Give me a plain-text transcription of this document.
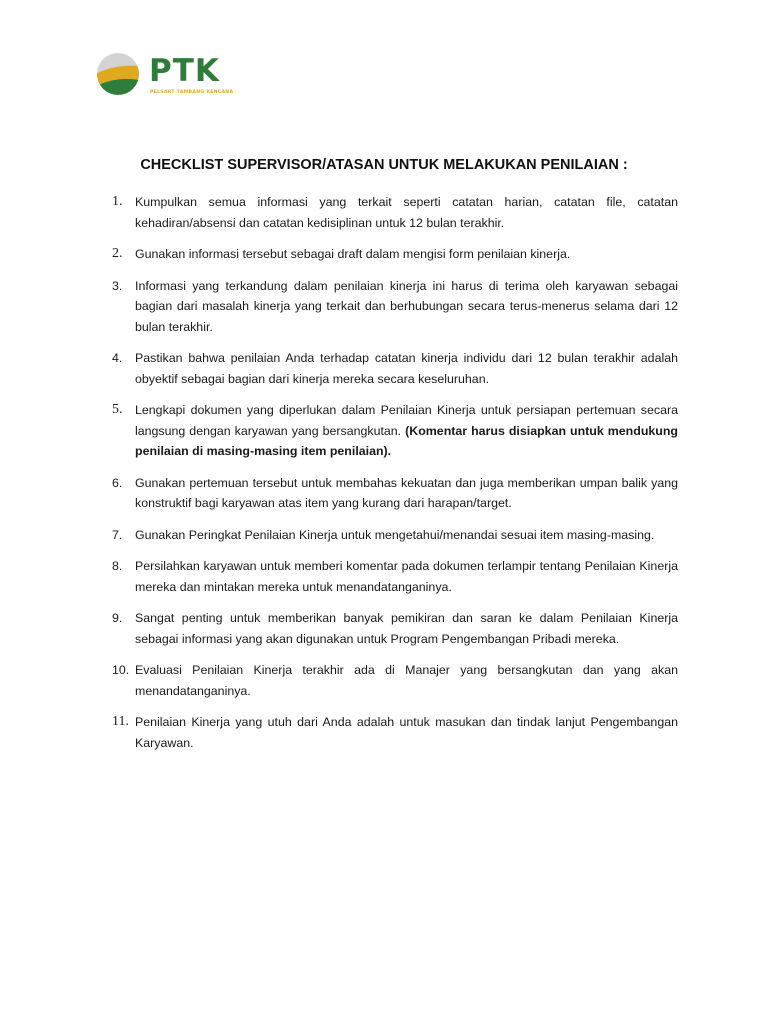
PTK
PELSART TAMBANG KENCANA
CHECKLIST SUPERVISOR/ATASAN UNTUK MELAKUKAN PENILAIAN :
1. Kumpulkan semua informasi yang terkait seperti catatan harian, catatan file, catatan kehadiran/absensi dan catatan kedisiplinan untuk 12 bulan terakhir.
2. Gunakan informasi tersebut sebagai draft dalam mengisi form penilaian kinerja.
3. Informasi yang terkandung dalam penilaian kinerja ini harus di terima oleh karyawan sebagai bagian dari masalah kinerja yang terkait dan berhubungan secara terus-menerus selama dari 12 bulan terakhir.
4. Pastikan bahwa penilaian Anda terhadap catatan kinerja individu dari 12 bulan terakhir adalah obyektif sebagai bagian dari kinerja mereka secara keseluruhan.
5. Lengkapi dokumen yang diperlukan dalam Penilaian Kinerja untuk persiapan pertemuan secara langsung dengan karyawan yang bersangkutan. (Komentar harus disiapkan untuk mendukung penilaian di masing-masing item penilaian).
6. Gunakan pertemuan tersebut untuk membahas kekuatan dan juga memberikan umpan balik yang konstruktif bagi karyawan atas item yang kurang dari harapan/target.
7. Gunakan Peringkat Penilaian Kinerja untuk mengetahui/menandai sesuai item masing-masing.
8. Persilahkan karyawan untuk memberi komentar pada dokumen terlampir tentang Penilaian Kinerja mereka dan mintakan mereka untuk menandatanganinya.
9. Sangat penting untuk memberikan banyak pemikiran dan saran ke dalam Penilaian Kinerja sebagai informasi yang akan digunakan untuk Program Pengembangan Pribadi mereka.
10. Evaluasi Penilaian Kinerja terakhir ada di Manajer yang bersangkutan dan yang akan menandatanganinya.
11. Penilaian Kinerja yang utuh dari Anda adalah untuk masukan dan tindak lanjut Pengembangan Karyawan.
